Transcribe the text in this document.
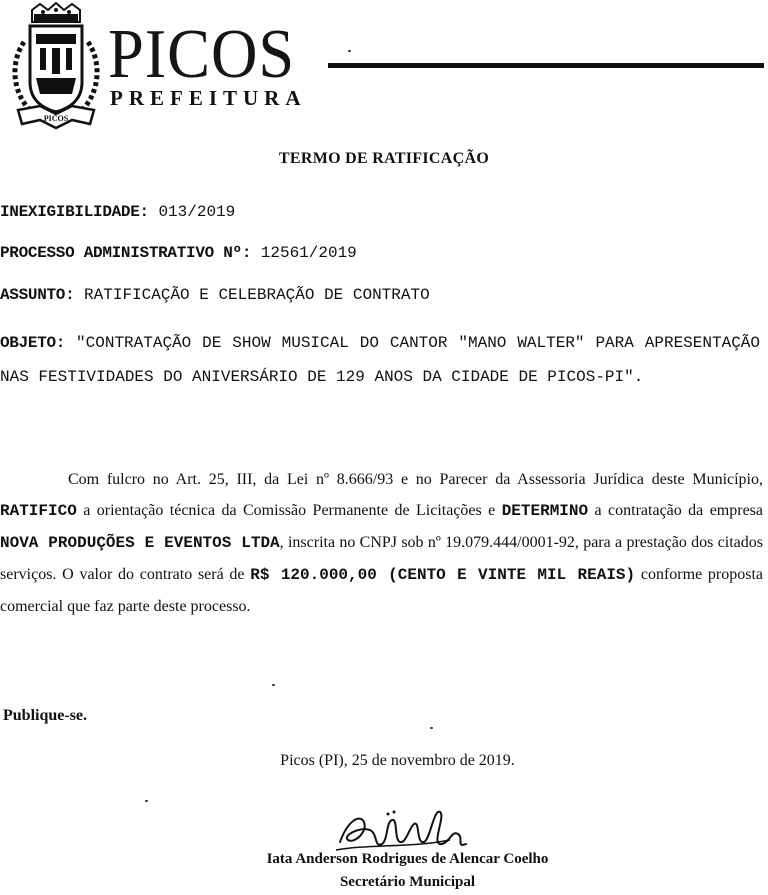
PICOS
PICOS
PREFEITURA
TERMO DE RATIFICAÇÃO
INEXIGIBILIDADE: 013/2019
PROCESSO ADMINISTRATIVO Nº: 12561/2019
ASSUNTO: RATIFICAÇÃO E CELEBRAÇÃO DE CONTRATO
OBJETO: "CONTRATAÇÃO DE SHOW MUSICAL DO CANTOR "MANO WALTER" PARA APRESENTAÇÃO NAS FESTIVIDADES DO ANIVERSÁRIO DE 129 ANOS DA CIDADE DE PICOS-PI".
Com fulcro no Art. 25, III, da Lei nº 8.666/93 e no Parecer da Assessoria Jurídica deste Município, RATIFICO a orientação técnica da Comissão Permanente de Licitações e DETERMINO a contratação da empresa NOVA PRODUÇÕES E EVENTOS LTDA, inscrita no CNPJ sob nº 19.079.444/0001-92, para a prestação dos citados serviços. O valor do contrato será de R$ 120.000,00 (CENTO E VINTE MIL REAIS) conforme proposta comercial que faz parte deste processo.
Publique-se.
Picos (PI), 25 de novembro de 2019.
Iata Anderson Rodrigues de Alencar Coelho
Secretário Municipal
